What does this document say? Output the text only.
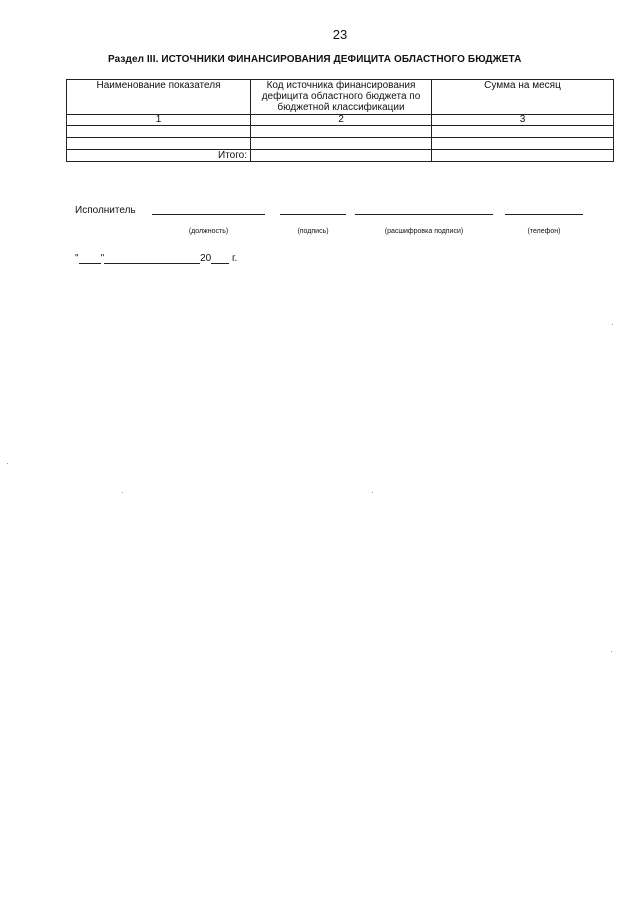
23
Раздел III. ИСТОЧНИКИ ФИНАНСИРОВАНИЯ ДЕФИЦИТА ОБЛАСТНОГО БЮДЖЕТА
Наименование показателя	Код источника финансирования дефицита областного бюджета по бюджетной классификации	Сумма на месяц
1	2	3

Итого:		
Исполнитель
(должность)	(подпись)	(расшифровка подписи)	(телефон)
" "	20 г.
